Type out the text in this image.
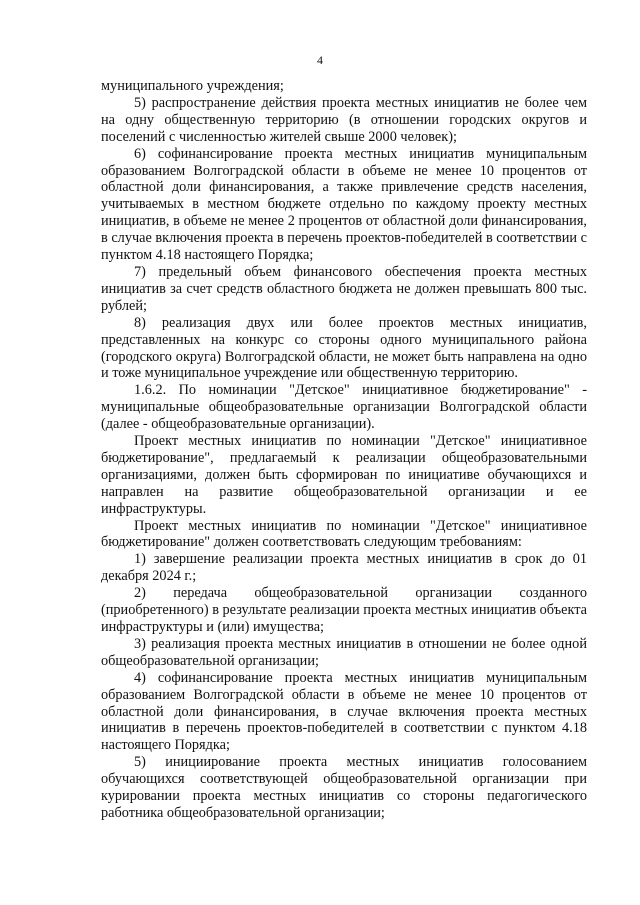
4

муниципального учреждения;

5) распространение действия проекта местных инициатив не более чем на одну общественную территорию (в отношении городских округов и поселений с численностью жителей свыше 2000 человек);

6) софинансирование проекта местных инициатив муниципальным образованием Волгоградской области в объеме не менее 10 процентов от областной доли финансирования, а также привлечение средств населения, учитываемых в местном бюджете отдельно по каждому проекту местных инициатив, в объеме не менее 2 процентов от областной доли финансирования, в случае включения проекта в перечень проектов-победителей в соответствии с пунктом 4.18 настоящего Порядка;

7) предельный объем финансового обеспечения проекта местных инициатив за счет средств областного бюджета не должен превышать 800 тыс. рублей;

8) реализация двух или более проектов местных инициатив, представленных на конкурс со стороны одного муниципального района (городского округа) Волгоградской области, не может быть направлена на одно и тоже муниципальное учреждение или общественную территорию.

1.6.2. По номинации "Детское" инициативное бюджетирование" - муниципальные общеобразовательные организации Волгоградской области (далее - общеобразовательные организации).

Проект местных инициатив по номинации "Детское" инициативное бюджетирование", предлагаемый к реализации общеобразовательными организациями, должен быть сформирован по инициативе обучающихся и направлен на развитие общеобразовательной организации и ее инфраструктуры.

Проект местных инициатив по номинации "Детское" инициативное бюджетирование" должен соответствовать следующим требованиям:

1) завершение реализации проекта местных инициатив в срок до 01 декабря 2024 г.;

2) передача общеобразовательной организации созданного (приобретенного) в результате реализации проекта местных инициатив объекта инфраструктуры и (или) имущества;

3) реализация проекта местных инициатив в отношении не более одной общеобразовательной организации;

4) софинансирование проекта местных инициатив муниципальным образованием Волгоградской области в объеме не менее 10 процентов от областной доли финансирования, в случае включения проекта местных инициатив в перечень проектов-победителей в соответствии с пунктом 4.18 настоящего Порядка;

5) инициирование проекта местных инициатив голосованием обучающихся соответствующей общеобразовательной организации при курировании проекта местных инициатив со стороны педагогического работника общеобразовательной организации;
